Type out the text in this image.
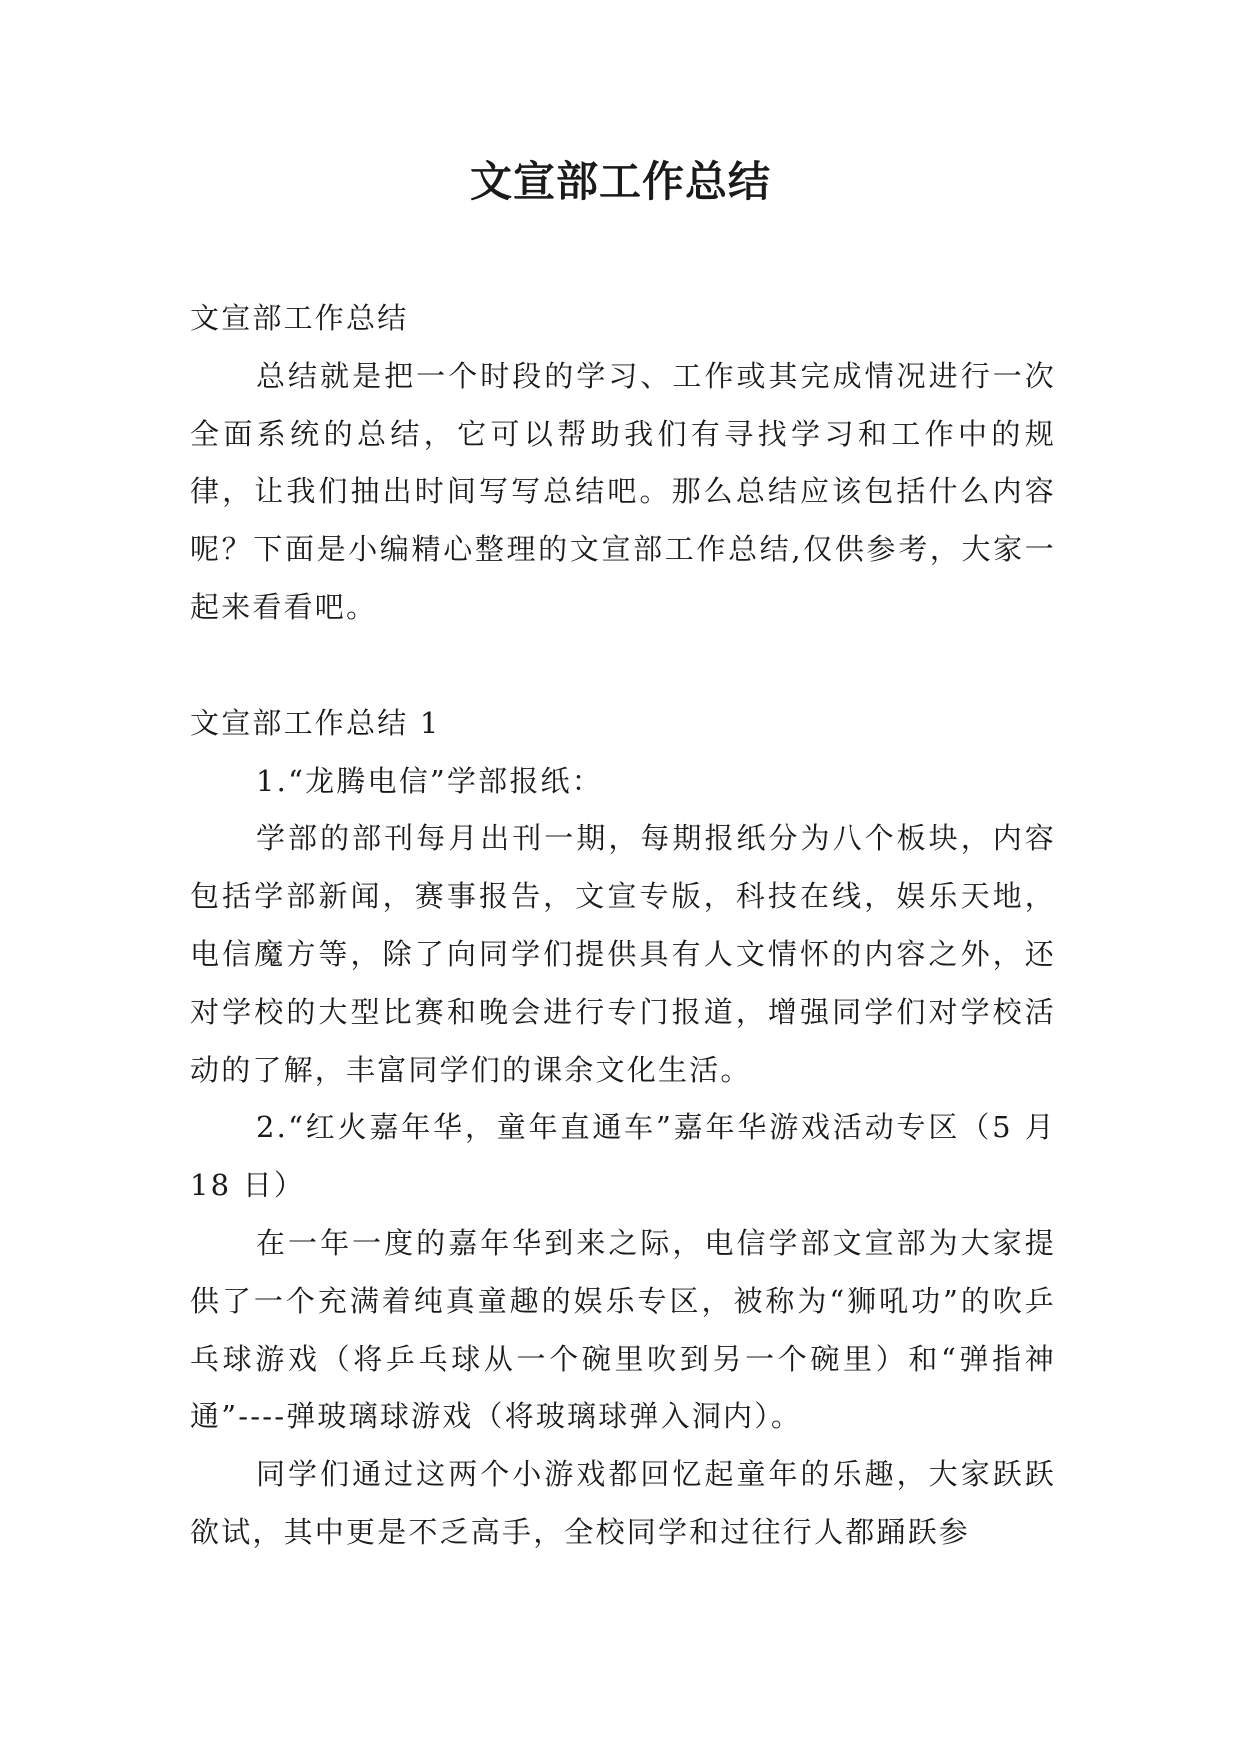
文宣部工作总结

文宣部工作总结

总结就是把一个时段的学习、工作或其完成情况进行一次全面系统的总结，它可以帮助我们有寻找学习和工作中的规律，让我们抽出时间写写总结吧。那么总结应该包括什么内容呢？下面是小编精心整理的文宣部工作总结,仅供参考，大家一起来看看吧。

文宣部工作总结 1

1.“龙腾电信”学部报纸：

学部的部刊每月出刊一期，每期报纸分为八个板块，内容包括学部新闻，赛事报告，文宣专版，科技在线，娱乐天地，电信魔方等，除了向同学们提供具有人文情怀的内容之外，还对学校的大型比赛和晚会进行专门报道，增强同学们对学校活动的了解，丰富同学们的课余文化生活。

2.“红火嘉年华，童年直通车”嘉年华游戏活动专区（5 月 18 日）

在一年一度的嘉年华到来之际，电信学部文宣部为大家提供了一个充满着纯真童趣的娱乐专区，被称为“狮吼功”的吹乒乓球游戏（将乒乓球从一个碗里吹到另一个碗里）和“弹指神通”----弹玻璃球游戏（将玻璃球弹入洞内）。

同学们通过这两个小游戏都回忆起童年的乐趣，大家跃跃欲试，其中更是不乏高手，全校同学和过往行人都踊跃参
